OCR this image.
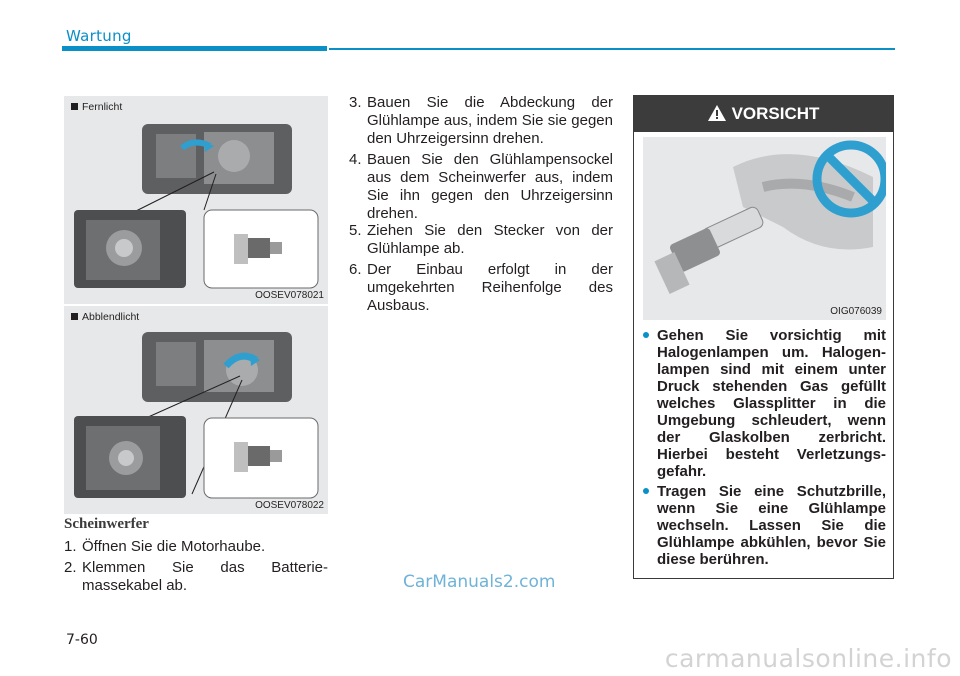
Wartung
Fernlicht
OOSEV078021
Abblendlicht
OOSEV078022
Scheinwerfer
1. Öffnen Sie die Motorhaube.
2. Klemmen Sie das Batterie-massekabel ab.
3. Bauen Sie die Abdeckung der Glühlampe aus, indem Sie sie gegen den Uhrzeigersinn drehen.
4. Bauen Sie den Glühlampensockel aus dem Scheinwerfer aus, indem Sie ihn gegen den Uhrzeigersinn drehen.
5. Ziehen Sie den Stecker von der Glühlampe ab.
6. Der Einbau erfolgt in der umgekehrten Reihenfolge des Ausbaus.
VORSICHT
OIG076039
Gehen Sie vorsichtig mit Halogenlampen um. Halogen-lampen sind mit einem unter Druck stehenden Gas gefüllt welches Glassplitter in die Umgebung schleudert, wenn der Glaskolben zerbricht. Hierbei besteht Verletzungs-gefahr.
Tragen Sie eine Schutzbrille, wenn Sie eine Glühlampe wechseln. Lassen Sie die Glühlampe abkühlen, bevor Sie diese berühren.
CarManuals2.com
7-60
carmanualsonline.info
